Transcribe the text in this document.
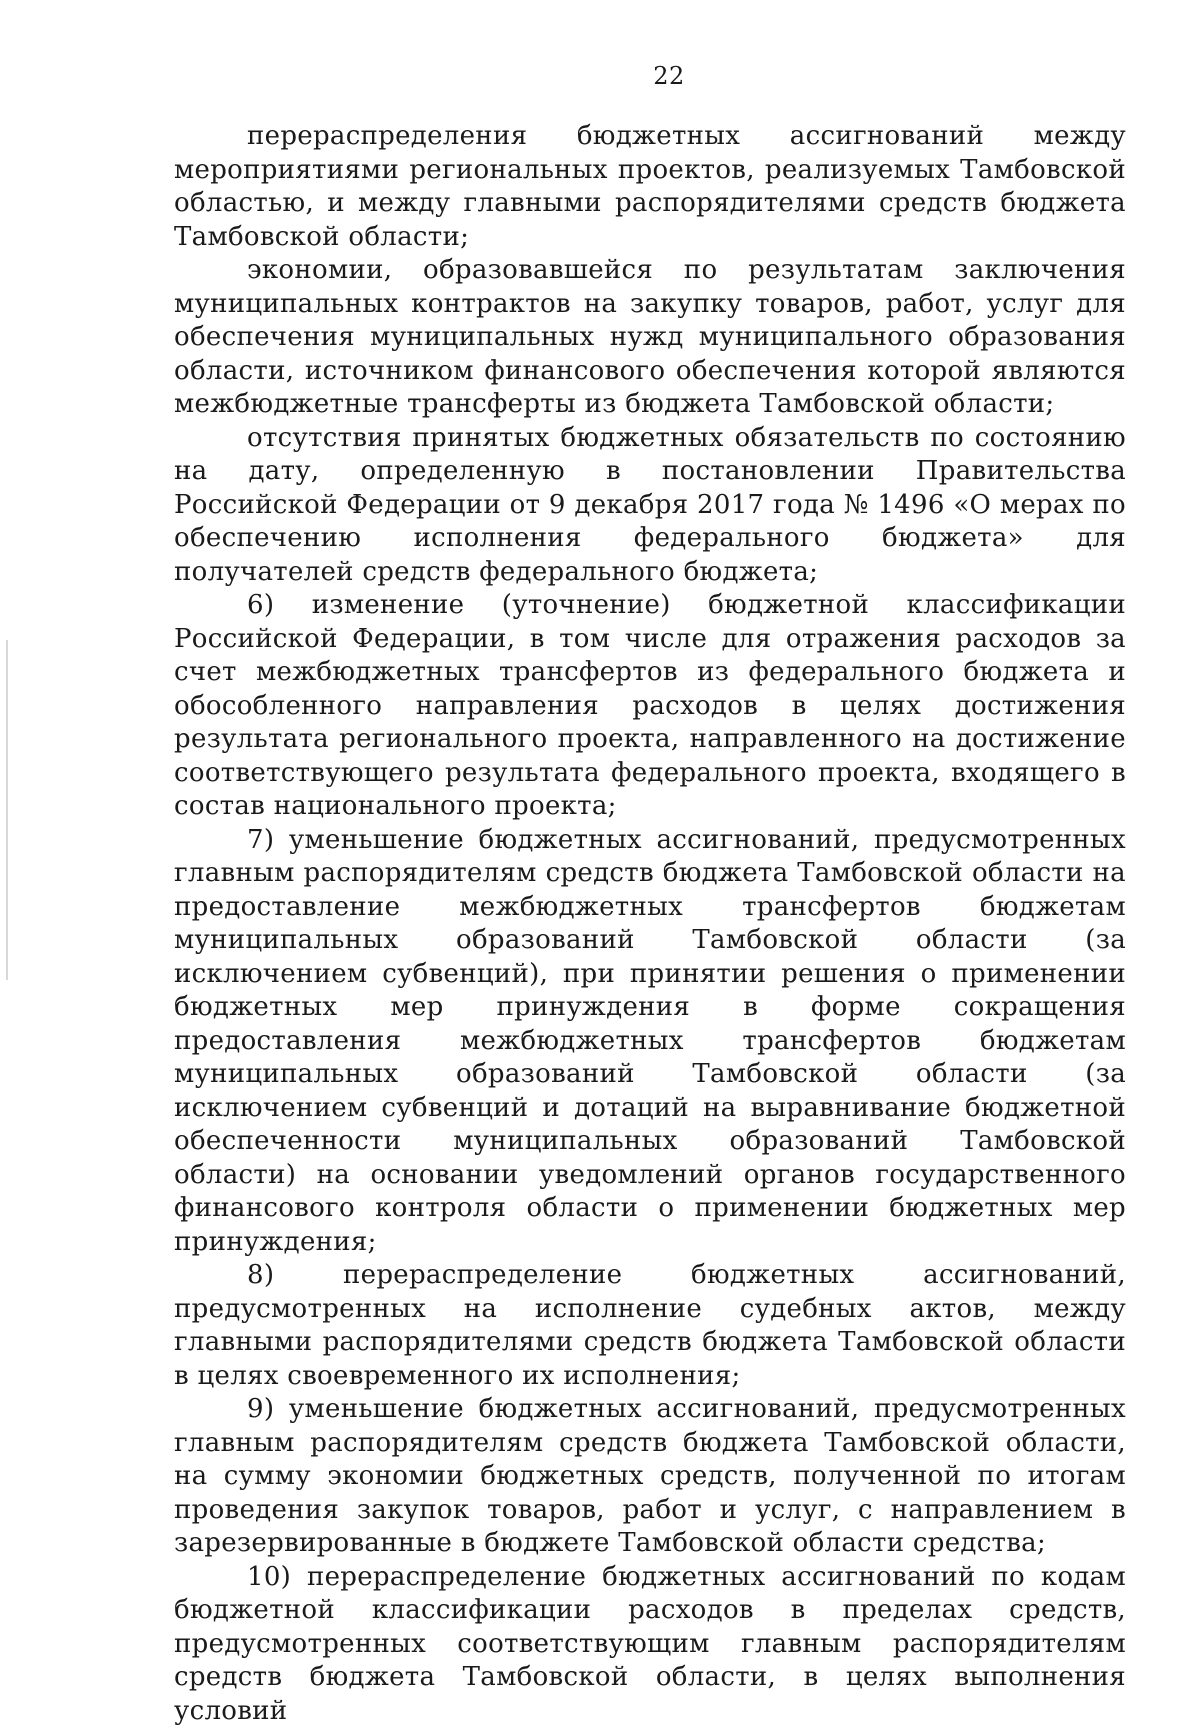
22

перераспределения бюджетных ассигнований между мероприятиями региональных проектов, реализуемых Тамбовской областью, и между главными распорядителями средств бюджета Тамбовской области;

экономии, образовавшейся по результатам заключения муниципальных контрактов на закупку товаров, работ, услуг для обеспечения муниципальных нужд муниципального образования области, источником финансового обеспечения которой являются межбюджетные трансферты из бюджета Тамбовской области;

отсутствия принятых бюджетных обязательств по состоянию на дату, определенную в постановлении Правительства Российской Федерации от 9 декабря 2017 года № 1496 «О мерах по обеспечению исполнения федерального бюджета» для получателей средств федерального бюджета;

6) изменение (уточнение) бюджетной классификации Российской Федерации, в том числе для отражения расходов за счет межбюджетных трансфертов из федерального бюджета и обособленного направления расходов в целях достижения результата регионального проекта, направленного на достижение соответствующего результата федерального проекта, входящего в состав национального проекта;

7) уменьшение бюджетных ассигнований, предусмотренных главным распорядителям средств бюджета Тамбовской области на предоставление межбюджетных трансфертов бюджетам муниципальных образований Тамбовской области (за исключением субвенций), при принятии решения о применении бюджетных мер принуждения в форме сокращения предоставления межбюджетных трансфертов бюджетам муниципальных образований Тамбовской области (за исключением субвенций и дотаций на выравнивание бюджетной обеспеченности муниципальных образований Тамбовской области) на основании уведомлений органов государственного финансового контроля области о применении бюджетных мер принуждения;

8) перераспределение бюджетных ассигнований, предусмотренных на исполнение судебных актов, между главными распорядителями средств бюджета Тамбовской области в целях своевременного их исполнения;

9) уменьшение бюджетных ассигнований, предусмотренных главным распорядителям средств бюджета Тамбовской области, на сумму экономии бюджетных средств, полученной по итогам проведения закупок товаров, работ и услуг, с направлением в зарезервированные в бюджете Тамбовской области средства;

10) перераспределение бюджетных ассигнований по кодам бюджетной классификации расходов в пределах средств, предусмотренных соответствующим главным распорядителям средств бюджета Тамбовской области, в целях выполнения условий
